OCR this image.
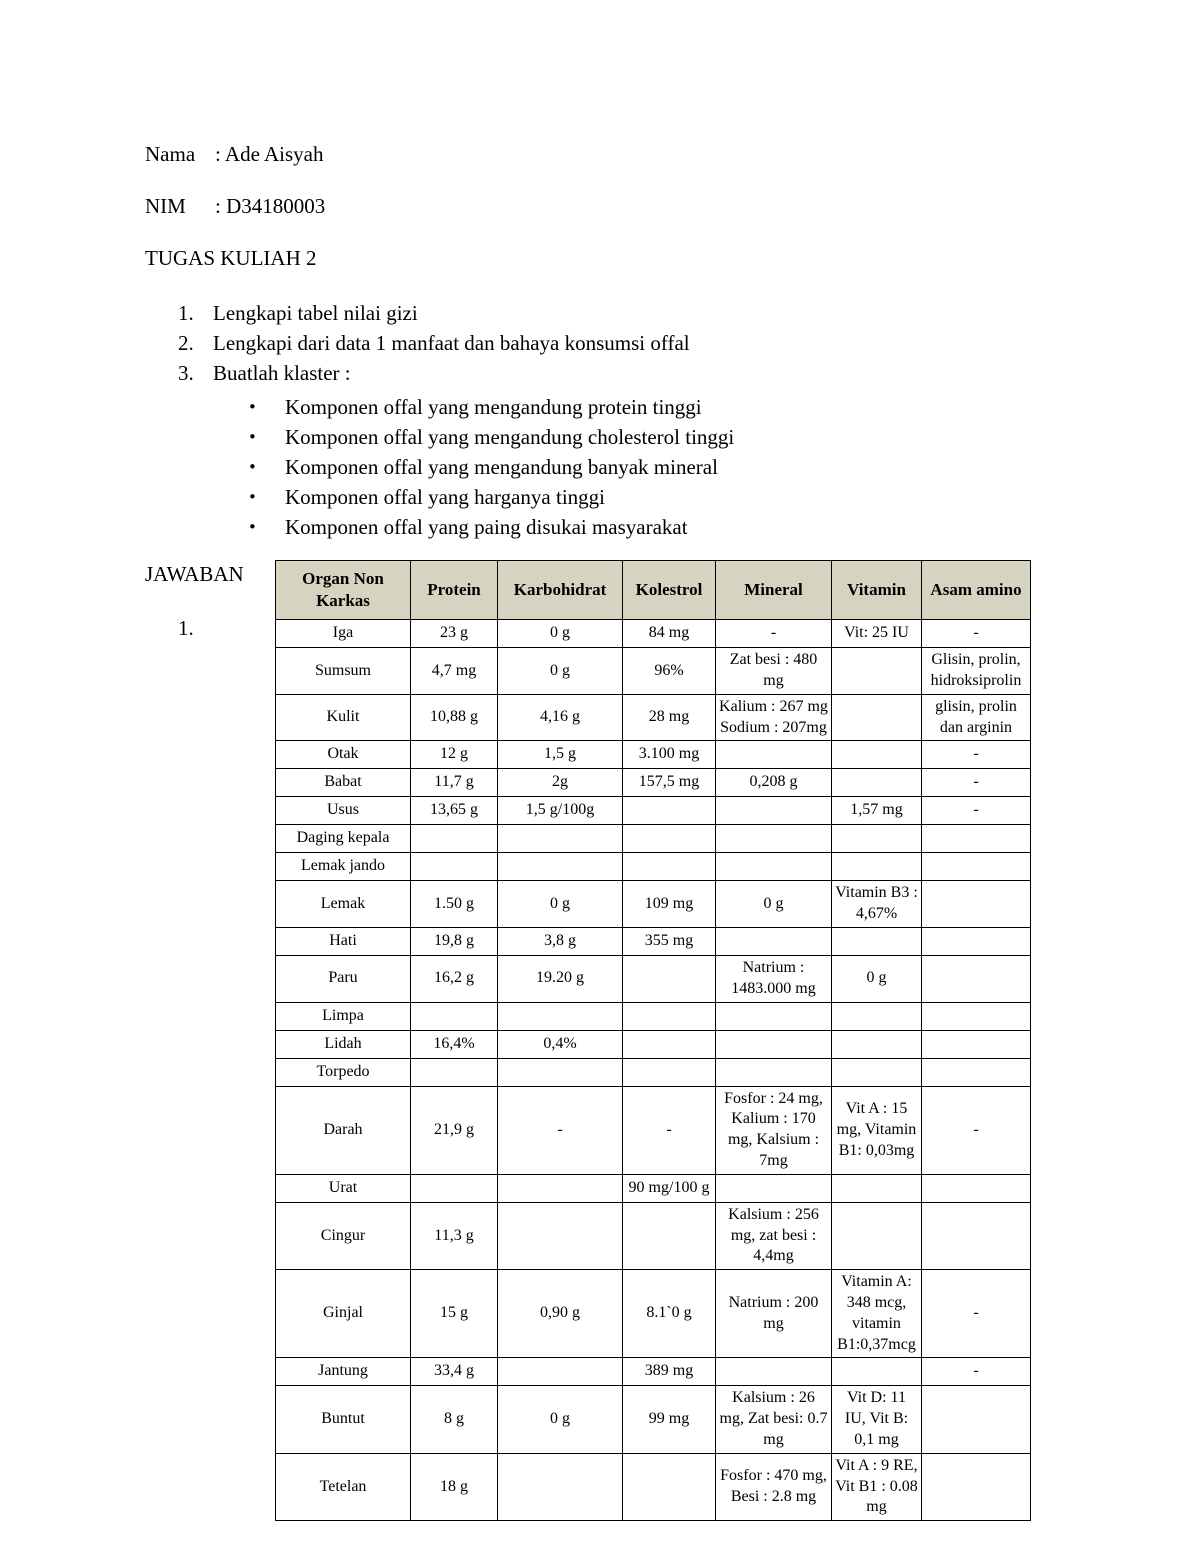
Nama : Ade Aisyah
NIM : D34180003
TUGAS KULIAH 2
1. Lengkapi tabel nilai gizi
2. Lengkapi dari data 1 manfaat dan bahaya konsumsi offal
3. Buatlah klaster :
• Komponen offal yang mengandung protein tinggi
• Komponen offal yang mengandung cholesterol tinggi
• Komponen offal yang mengandung banyak mineral
• Komponen offal yang harganya tinggi
• Komponen offal yang paing disukai masyarakat
JAWABAN
1.
Organ Non Karkas	Protein	Karbohidrat	Kolestrol	Mineral	Vitamin	Asam amino
Iga	23 g	0 g	84 mg	-	Vit: 25 IU	-
Sumsum	4,7 mg	0 g	96%	Zat besi : 480 mg		Glisin, prolin, hidroksiprolin
Kulit	10,88 g	4,16 g	28 mg	Kalium : 267 mg Sodium : 207mg		glisin, prolin dan arginin
Otak	12 g	1,5 g	3.100 mg			-
Babat	11,7 g	2g	157,5 mg	0,208 g		-
Usus	13,65 g	1,5 g/100g			1,57 mg	-
Daging kepala						
Lemak jando						
Lemak	1.50 g	0 g	109 mg	0 g	Vitamin B3 : 4,67%	
Hati	19,8 g	3,8 g	355 mg			
Paru	16,2 g	19.20 g		Natrium : 1483.000 mg	0 g	
Limpa						
Lidah	16,4%	0,4%				
Torpedo						
Darah	21,9 g	-	-	Fosfor : 24 mg, Kalium : 170 mg, Kalsium : 7mg	Vit A : 15 mg, Vitamin B1: 0,03mg	-
Urat			90 mg/100 g			
Cingur	11,3 g			Kalsium : 256 mg, zat besi : 4,4mg		
Ginjal	15 g	0,90 g	8.1`0 g	Natrium : 200 mg	Vitamin A: 348 mcg, vitamin B1:0,37mcg	-
Jantung	33,4 g		389 mg			-
Buntut	8 g	0 g	99 mg	Kalsium : 26 mg, Zat besi: 0.7 mg	Vit D: 11 IU, Vit B: 0,1 mg	
Tetelan	18 g			Fosfor : 470 mg, Besi : 2.8 mg	Vit A : 9 RE, Vit B1 : 0.08 mg	
